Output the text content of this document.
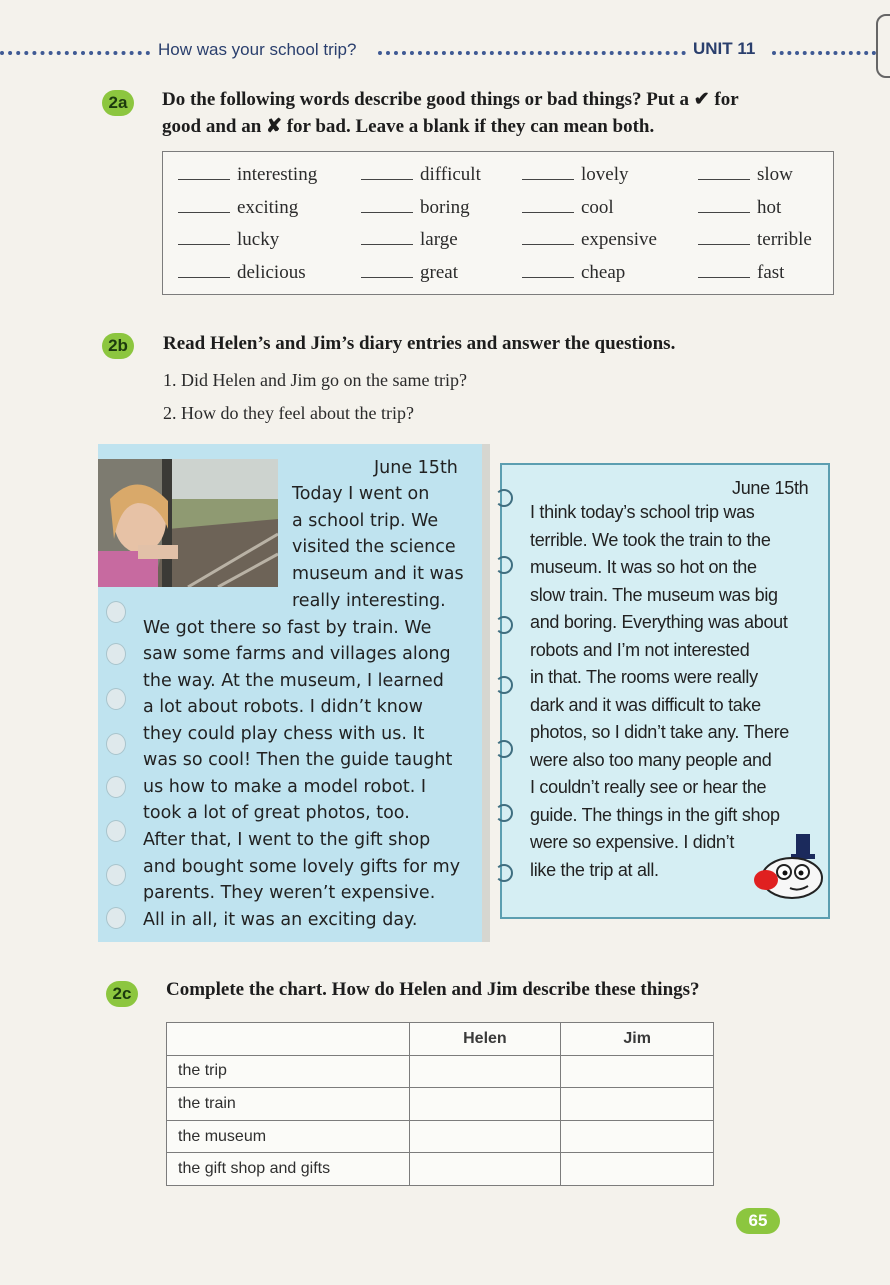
How was your school trip?	UNIT 11
2a	Do the following words describe good things or bad things? Put a ✔ for
good and an ✘ for bad. Leave a blank if they can mean both.
interesting	difficult	lovely	slow
exciting	boring	cool	hot
lucky	large	expensive	terrible
delicious	great	cheap	fast
2b	Read Helen’s and Jim’s diary entries and answer the questions.
1. Did Helen and Jim go on the same trip?
2. How do they feel about the trip?
June 15th
Today I went on
a school trip. We
visited the science
museum and it was
really interesting.
We got there so fast by train. We
saw some farms and villages along
the way. At the museum, I learned
a lot about robots. I didn’t know
they could play chess with us. It
was so cool! Then the guide taught
us how to make a model robot. I
took a lot of great photos, too.
After that, I went to the gift shop
and bought some lovely gifts for my
parents. They weren’t expensive.
All in all, it was an exciting day.
June 15th
I think today’s school trip was
terrible. We took the train to the
museum. It was so hot on the
slow train. The museum was big
and boring. Everything was about
robots and I’m not interested
in that. The rooms were really
dark and it was difficult to take
photos, so I didn’t take any. There
were also too many people and
I couldn’t really see or hear the
guide. The things in the gift shop
were so expensive. I didn’t
like the trip at all.
2c	Complete the chart. How do Helen and Jim describe these things?
	Helen	Jim
the trip		
the train		
the museum		
the gift shop and gifts		
65
